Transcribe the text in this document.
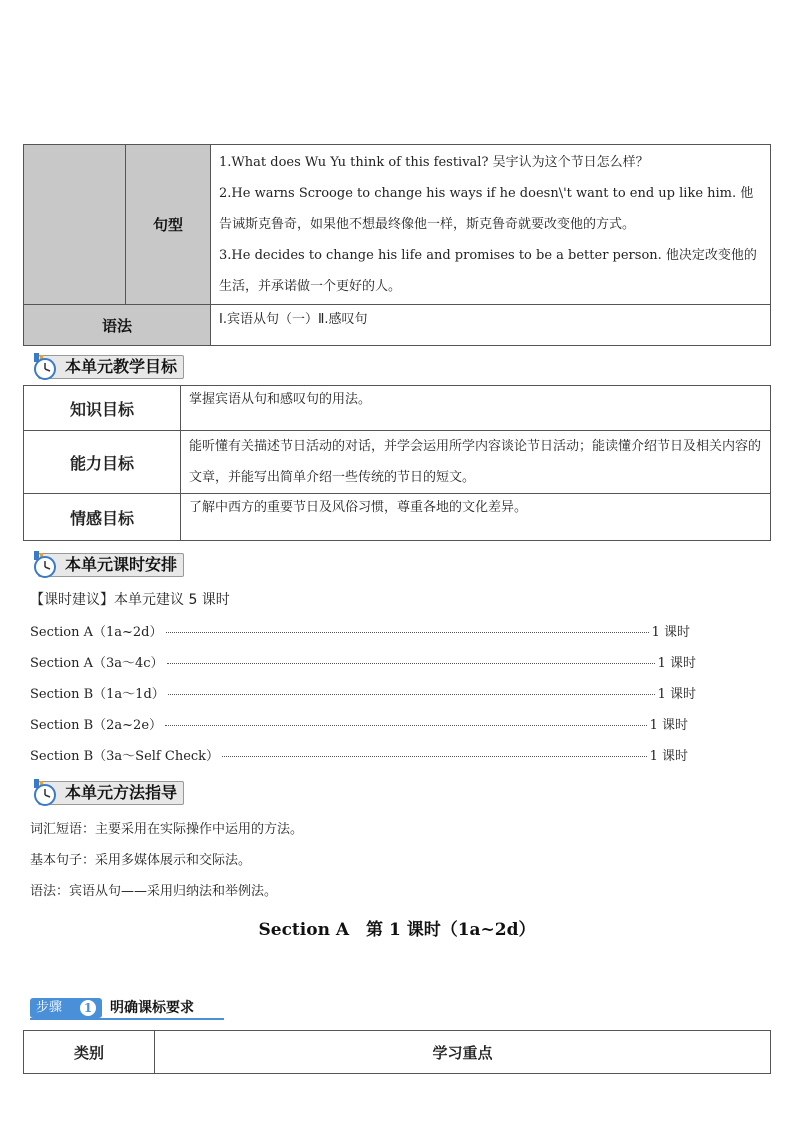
	句型	1.What does Wu Yu think of this festival? 吴宇认为这个节日怎么样？

2.He warns Scrooge to change his ways if he doesn\'t want to end up like him. 他告诫斯克鲁奇，如果他不想最终像他一样，斯克鲁奇就要改变他的方式。

3.He decides to change his life and promises to be a better person. 他决定改变他的生活，并承诺做一个更好的人。

语法		Ⅰ.宾语从句（一）Ⅱ.感叹句
本单元教学目标
知识目标	掌握宾语从句和感叹句的用法。
能力目标	能听懂有关描述节日活动的对话，并学会运用所学内容谈论节日活动；能读懂介绍节日及相关内容的文章，并能写出简单介绍一些传统的节日的短文。
情感目标	了解中西方的重要节日及风俗习惯，尊重各地的文化差异。
本单元课时安排
【课时建议】本单元建议 5 课时
Section A（1a~2d）	1 课时
Section A（3a～4c）	1 课时
Section B（1a～1d）	1 课时
Section B（2a~2e）	1 课时
Section B（3a～Self Check）	1 课时
本单元方法指导
词汇短语：主要采用在实际操作中运用的方法。
基本句子：采用多媒体展示和交际法。
语法：宾语从句——采用归纳法和举例法。
Section A　第 1 课时（1a~2d）
步骤	1 明确课标要求
类别	学习重点
